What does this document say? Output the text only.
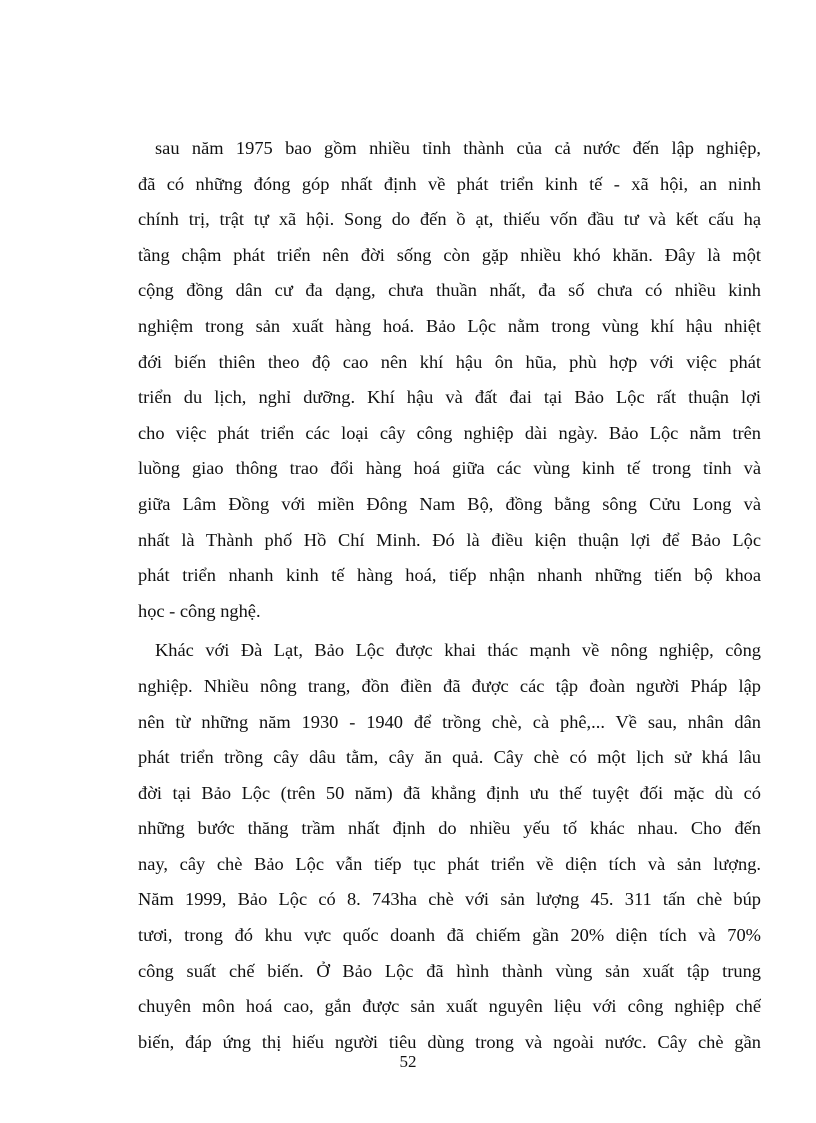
sau năm 1975 bao gồm nhiều tỉnh thành của cả nước đến lập nghiệp,
đã có những đóng góp nhất định về phát triển kinh tế - xã hội, an ninh
chính trị, trật tự xã hội. Song do đến ồ ạt, thiếu vốn đầu tư và kết cấu hạ
tầng chậm phát triển nên đời sống còn gặp nhiều khó khăn. Đây là một
cộng đồng dân cư đa dạng, chưa thuần nhất, đa số chưa có nhiều kinh
nghiệm trong sản xuất hàng hoá. Bảo Lộc nằm trong vùng khí hậu nhiệt
đới biến thiên theo độ cao nên khí hậu ôn hũa, phù hợp với việc phát
triển du lịch, nghỉ dưỡng. Khí hậu và đất đai tại Bảo Lộc rất thuận lợi
cho việc phát triển các loại cây công nghiệp dài ngày. Bảo Lộc nằm trên
luồng giao thông trao đổi hàng hoá giữa các vùng kinh tế trong tỉnh và
giữa Lâm Đồng với miền Đông Nam Bộ, đồng bằng sông Cửu Long và
nhất là Thành phố Hồ Chí Minh. Đó là điều kiện thuận lợi để Bảo Lộc
phát triển nhanh kinh tế hàng hoá, tiếp nhận nhanh những tiến bộ khoa
học - công nghệ.
Khác với Đà Lạt, Bảo Lộc được khai thác mạnh về nông nghiệp, công
nghiệp. Nhiều nông trang, đồn điền đã được các tập đoàn người Pháp lập
nên từ những năm 1930 - 1940 để trồng chè, cà phê,... Về sau, nhân dân
phát triển trồng cây dâu tằm, cây ăn quả. Cây chè có một lịch sử khá lâu
đời tại Bảo Lộc (trên 50 năm) đã khẳng định ưu thế tuyệt đối mặc dù có
những bước thăng trầm nhất định do nhiều yếu tố khác nhau. Cho đến
nay, cây chè Bảo Lộc vẫn tiếp tục phát triển về diện tích và sản lượng.
Năm 1999, Bảo Lộc có 8. 743ha chè với sản lượng 45. 311 tấn chè búp
tươi, trong đó khu vực quốc doanh đã chiếm gần 20% diện tích và 70%
công suất chế biến. Ở Bảo Lộc đã hình thành vùng sản xuất tập trung
chuyên môn hoá cao, gắn được sản xuất nguyên liệu với công nghiệp chế
biến, đáp ứng thị hiếu người tiêu dùng trong và ngoài nước. Cây chè gần
52
